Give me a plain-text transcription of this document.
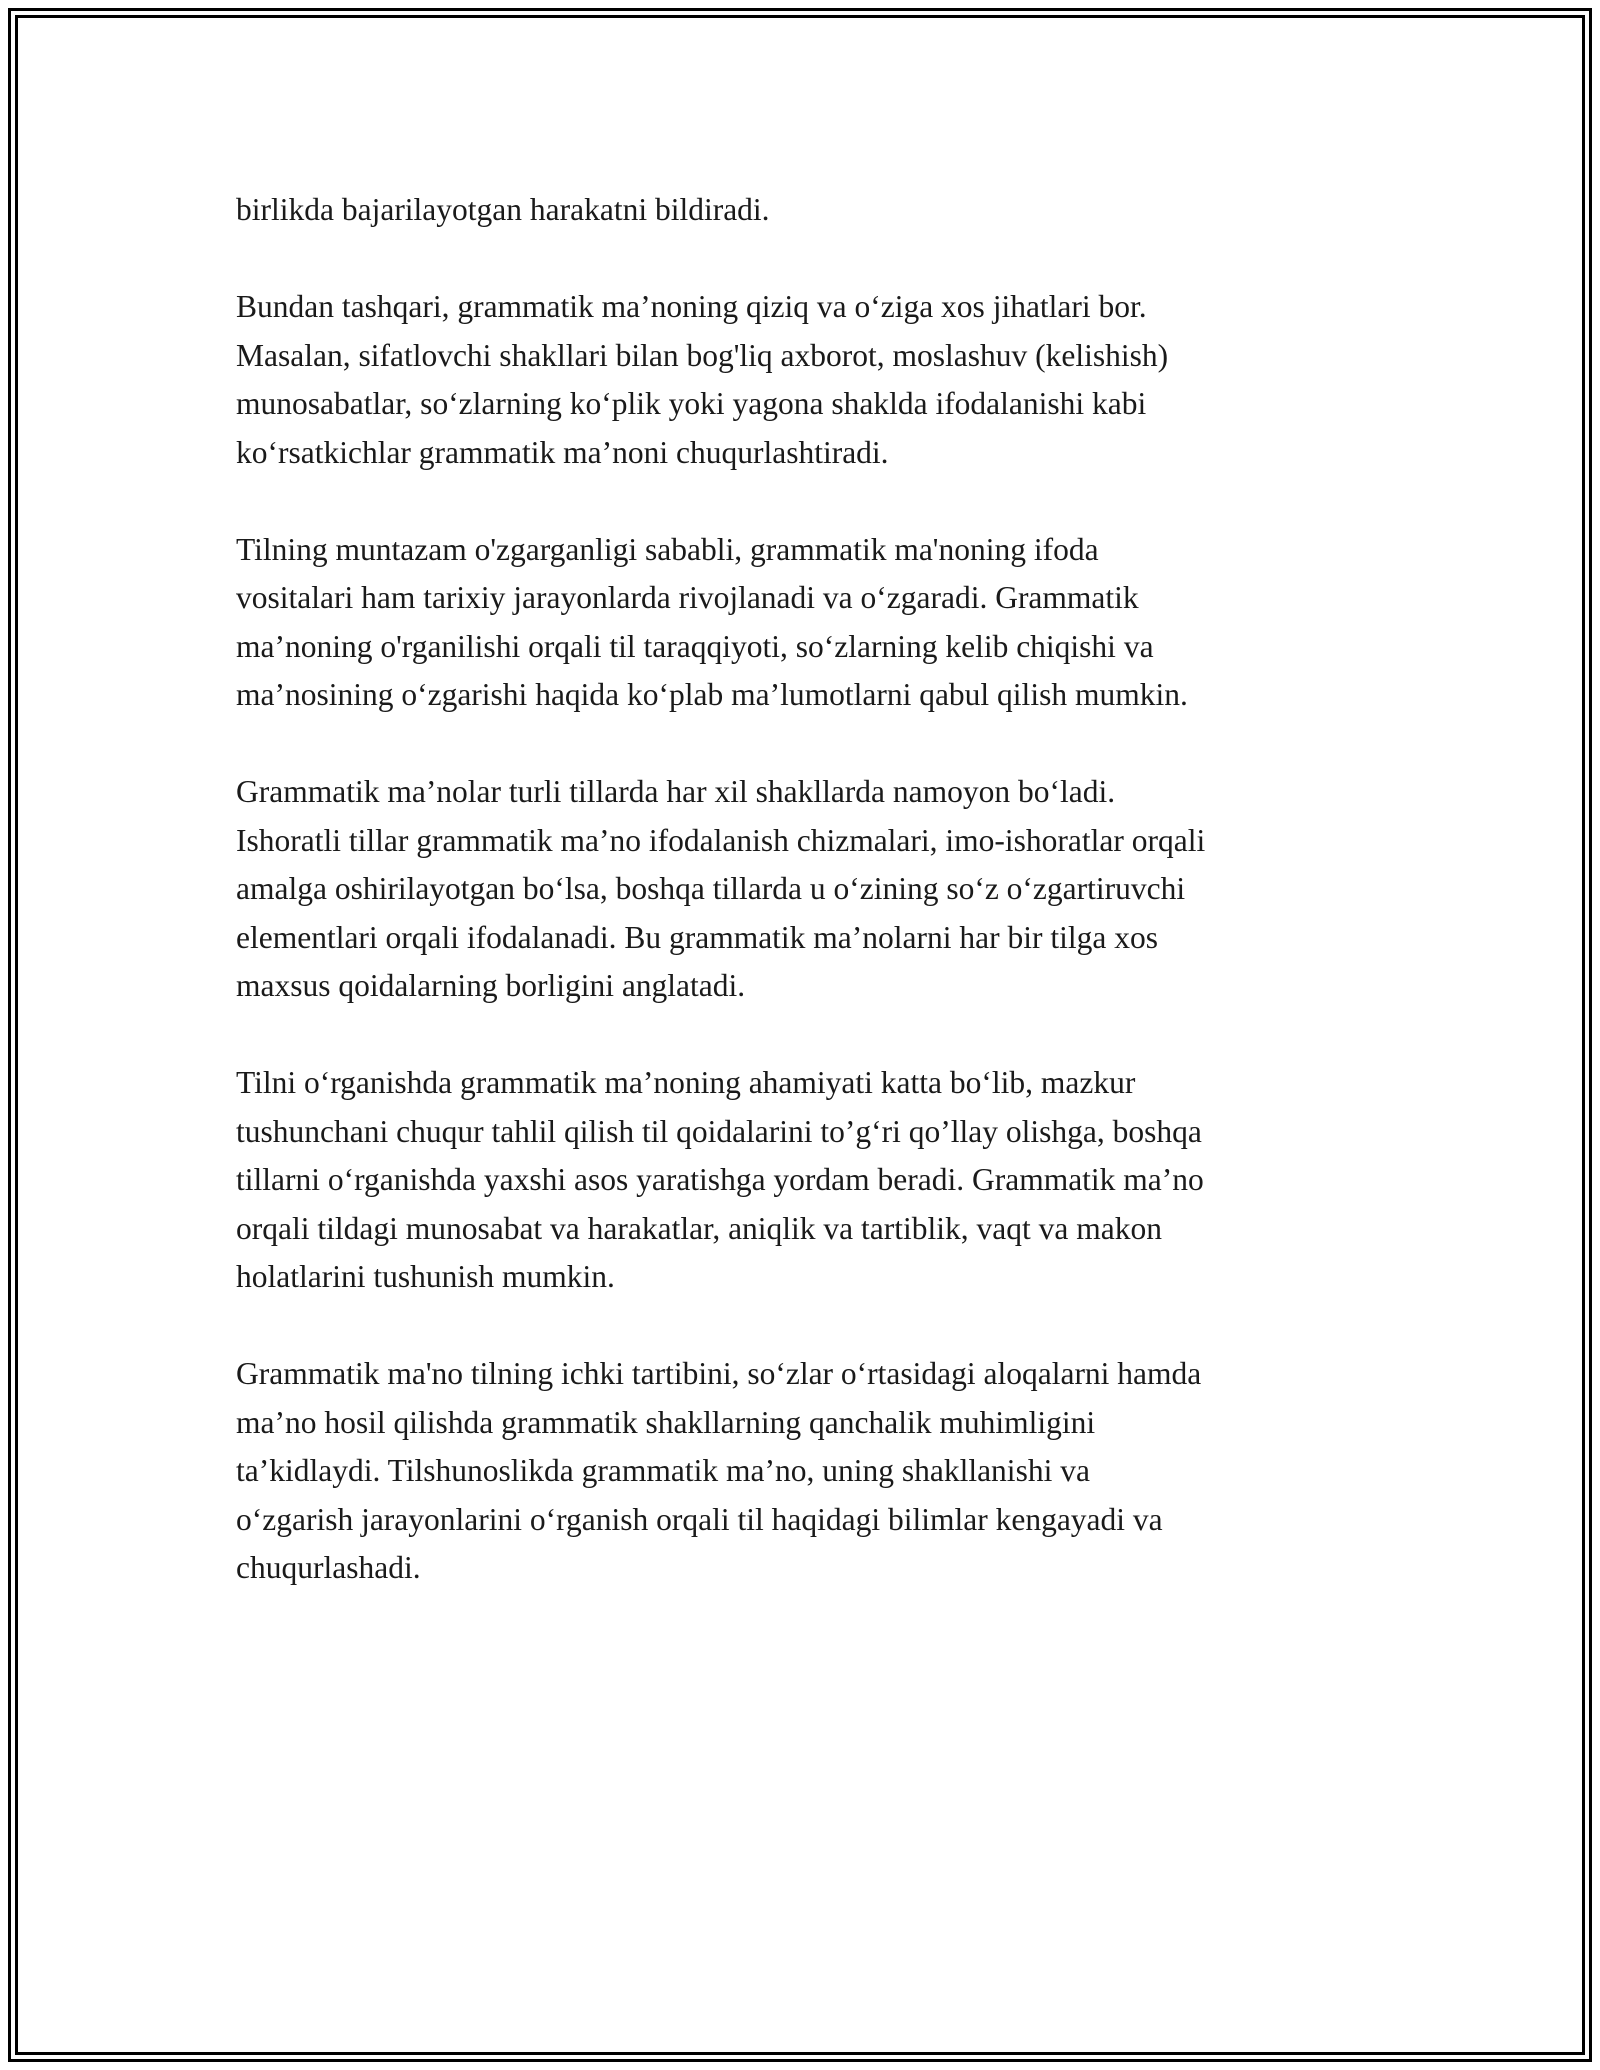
birlikda bajarilayotgan harakatni bildiradi.

Bundan tashqari, grammatik ma’noning qiziq va o‘ziga xos jihatlari bor.
Masalan, sifatlovchi shakllari bilan bog'liq axborot, moslashuv (kelishish)
munosabatlar, so‘zlarning ko‘plik yoki yagona shaklda ifodalanishi kabi
ko‘rsatkichlar grammatik ma’noni chuqurlashtiradi.

Tilning muntazam o'zgarganligi sababli, grammatik ma'noning ifoda
vositalari ham tarixiy jarayonlarda rivojlanadi va o‘zgaradi. Grammatik
ma’noning o'rganilishi orqali til taraqqiyoti, so‘zlarning kelib chiqishi va
ma’nosining o‘zgarishi haqida ko‘plab ma’lumotlarni qabul qilish mumkin.

Grammatik ma’nolar turli tillarda har xil shakllarda namoyon bo‘ladi.
Ishoratli tillar grammatik ma’no ifodalanish chizmalari, imo-ishoratlar orqali
amalga oshirilayotgan bo‘lsa, boshqa tillarda u o‘zining so‘z o‘zgartiruvchi
elementlari orqali ifodalanadi. Bu grammatik ma’nolarni har bir tilga xos
maxsus qoidalarning borligini anglatadi.

Tilni o‘rganishda grammatik ma’noning ahamiyati katta bo‘lib, mazkur
tushunchani chuqur tahlil qilish til qoidalarini to’g‘ri qo’llay olishga, boshqa
tillarni o‘rganishda yaxshi asos yaratishga yordam beradi. Grammatik ma’no
orqali tildagi munosabat va harakatlar, aniqlik va tartiblik, vaqt va makon
holatlarini tushunish mumkin.

Grammatik ma'no tilning ichki tartibini, so‘zlar o‘rtasidagi aloqalarni hamda
ma’no hosil qilishda grammatik shakllarning qanchalik muhimligini
ta’kidlaydi. Tilshunoslikda grammatik ma’no, uning shakllanishi va
o‘zgarish jarayonlarini o‘rganish orqali til haqidagi bilimlar kengayadi va
chuqurlashadi.
